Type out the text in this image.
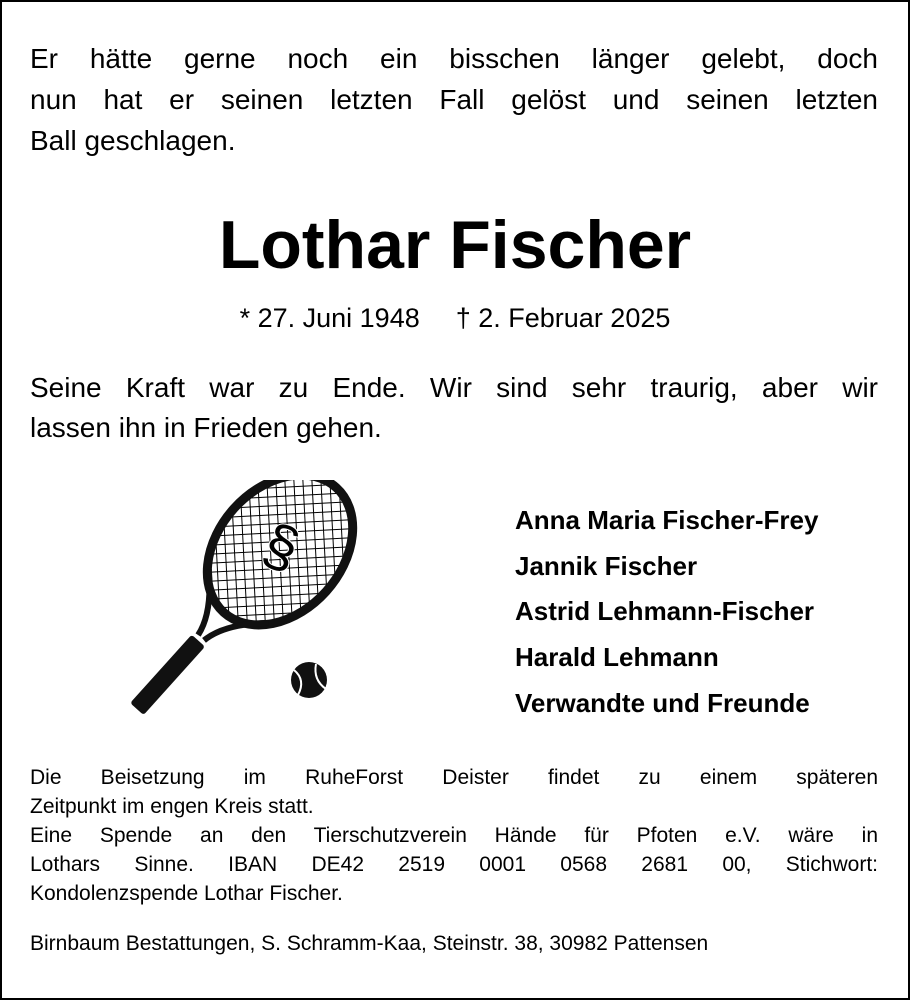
Er hätte gerne noch ein bisschen länger gelebt, doch
nun hat er seinen letzten Fall gelöst und seinen letzten
Ball geschlagen.
Lothar Fischer
* 27. Juni 1948 † 2. Februar 2025
Seine Kraft war zu Ende. Wir sind sehr traurig, aber wir
lassen ihn in Frieden gehen.
§	Anna Maria Fischer-Frey
Jannik Fischer
Astrid Lehmann-Fischer
Harald Lehmann
Verwandte und Freunde
Die Beisetzung im RuheForst Deister findet zu einem späteren
Zeitpunkt im engen Kreis statt.
Eine Spende an den Tierschutzverein Hände für Pfoten e.V. wäre in
Lothars Sinne. IBAN DE42 2519 0001 0568 2681 00, Stichwort:
Kondolenzspende Lothar Fischer.
Birnbaum Bestattungen, S. Schramm-Kaa, Steinstr. 38, 30982 Pattensen
